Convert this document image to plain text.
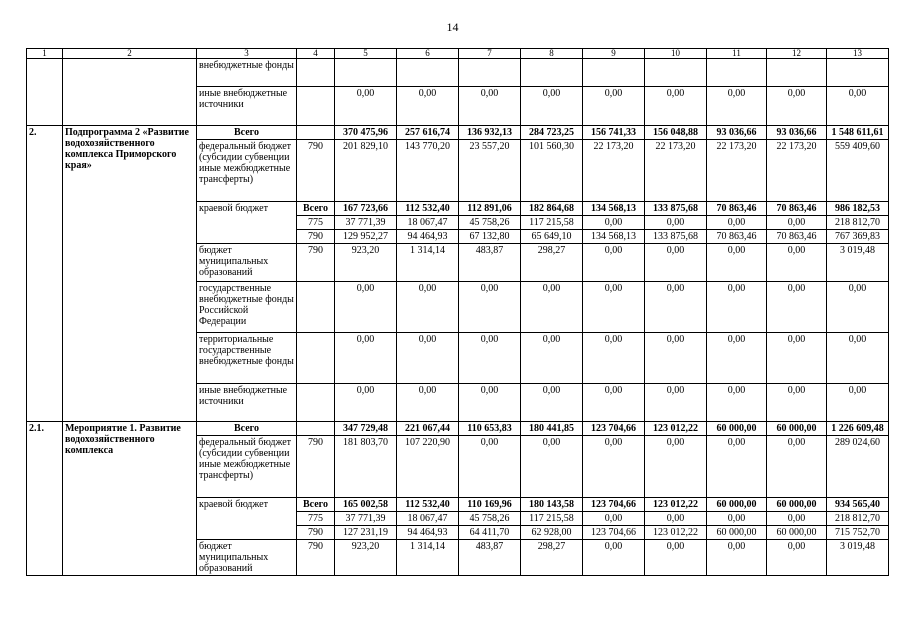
14
1	2	3	4	5	6	7	8	9	10	11	12	13
		внебюджетные фонды										
		иные внебюджетные источники		0,00	0,00	0,00	0,00	0,00	0,00	0,00	0,00	0,00
2.	Подпрограмма 2 «Развитие водохозяйственного комплекса Приморского края»	Всего		370 475,96	257 616,74	136 932,13	284 723,25	156 741,33	156 048,88	93 036,66	93 036,66	1 548 611,61
		федеральный бюджет (субсидии субвенции иные межбюджетные трансферты)	790	201 829,10	143 770,20	23 557,20	101 560,30	22 173,20	22 173,20	22 173,20	22 173,20	559 409,60
		краевой бюджет	Всего	167 723,66	112 532,40	112 891,06	182 864,68	134 568,13	133 875,68	70 863,46	70 863,46	986 182,53
			775	37 771,39	18 067,47	45 758,26	117 215,58	0,00	0,00	0,00	0,00	218 812,70
			790	129 952,27	94 464,93	67 132,80	65 649,10	134 568,13	133 875,68	70 863,46	70 863,46	767 369,83
		бюджет муниципальных образований	790	923,20	1 314,14	483,87	298,27	0,00	0,00	0,00	0,00	3 019,48
		государственные внебюджетные фонды Российской Федерации		0,00	0,00	0,00	0,00	0,00	0,00	0,00	0,00	0,00
		территориальные государственные внебюджетные фонды		0,00	0,00	0,00	0,00	0,00	0,00	0,00	0,00	0,00
		иные внебюджетные источники		0,00	0,00	0,00	0,00	0,00	0,00	0,00	0,00	0,00
2.1.	Мероприятие 1. Развитие водохозяйственного комплекса	Всего		347 729,48	221 067,44	110 653,83	180 441,85	123 704,66	123 012,22	60 000,00	60 000,00	1 226 609,48
		федеральный бюджет (субсидии субвенции иные межбюджетные трансферты)	790	181 803,70	107 220,90	0,00	0,00	0,00	0,00	0,00	0,00	289 024,60
		краевой бюджет	Всего	165 002,58	112 532,40	110 169,96	180 143,58	123 704,66	123 012,22	60 000,00	60 000,00	934 565,40
			775	37 771,39	18 067,47	45 758,26	117 215,58	0,00	0,00	0,00	0,00	218 812,70
			790	127 231,19	94 464,93	64 411,70	62 928,00	123 704,66	123 012,22	60 000,00	60 000,00	715 752,70
		бюджет муниципальных образований	790	923,20	1 314,14	483,87	298,27	0,00	0,00	0,00	0,00	3 019,48
